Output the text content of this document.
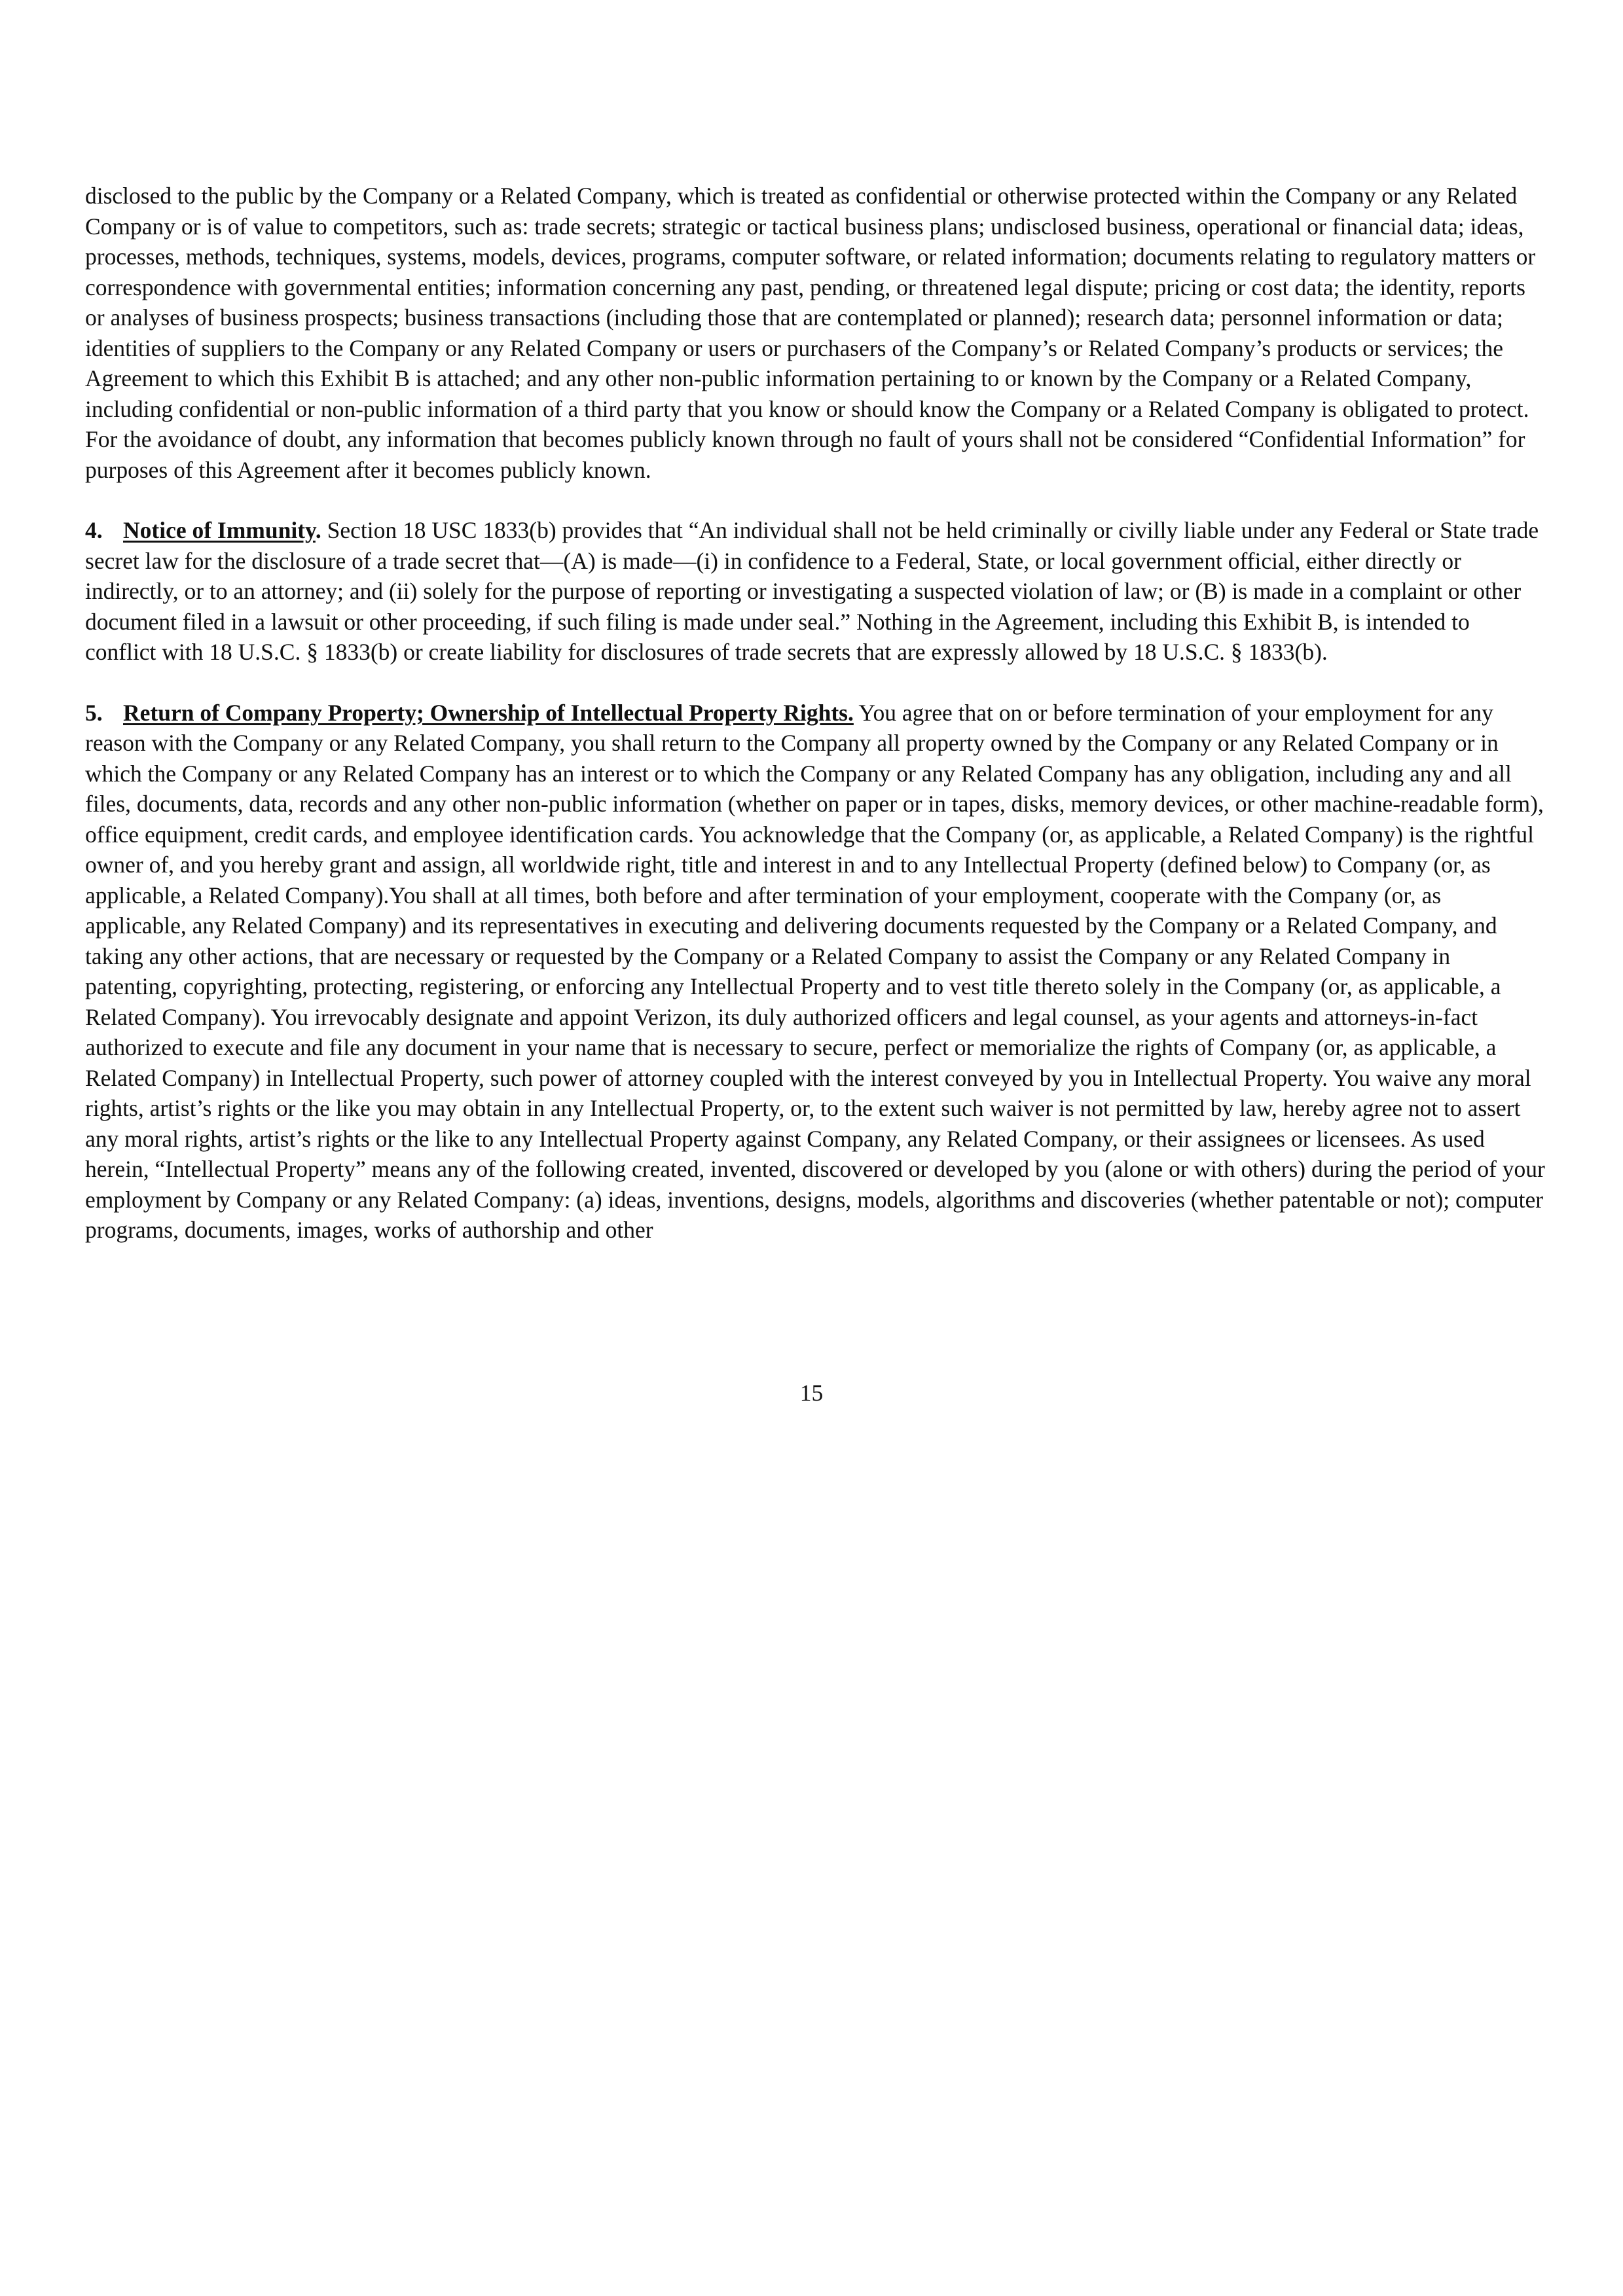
disclosed to the public by the Company or a Related Company, which is treated as confidential or otherwise protected within the Company or any Related Company or is of value to competitors, such as: trade secrets; strategic or tactical business plans; undisclosed business, operational or financial data; ideas, processes, methods, techniques, systems, models, devices, programs, computer software, or related information; documents relating to regulatory matters or correspondence with governmental entities; information concerning any past, pending, or threatened legal dispute; pricing or cost data; the identity, reports or analyses of business prospects; business transactions (including those that are contemplated or planned); research data; personnel information or data; identities of suppliers to the Company or any Related Company or users or purchasers of the Company’s or Related Company’s products or services; the Agreement to which this Exhibit B is attached; and any other non-public information pertaining to or known by the Company or a Related Company, including confidential or non-public information of a third party that you know or should know the Company or a Related Company is obligated to protect.
For the avoidance of doubt, any information that becomes publicly known through no fault of yours shall not be considered “Confidential Information” for purposes of this Agreement after it becomes publicly known.

4. Notice of Immunity. Section 18 USC 1833(b) provides that “An individual shall not be held criminally or civilly liable under any Federal or State trade secret law for the disclosure of a trade secret that—(A) is made—(i) in confidence to a Federal, State, or local government official, either directly or indirectly, or to an attorney; and (ii) solely for the purpose of reporting or investigating a suspected violation of law; or (B) is made in a complaint or other document filed in a lawsuit or other proceeding, if such filing is made under seal.” Nothing in the Agreement, including this Exhibit B, is intended to conflict with 18 U.S.C. § 1833(b) or create liability for disclosures of trade secrets that are expressly allowed by 18 U.S.C. § 1833(b).

5. Return of Company Property; Ownership of Intellectual Property Rights. You agree that on or before termination of your employment for any reason with the Company or any Related Company, you shall return to the Company all property owned by the Company or any Related Company or in which the Company or any Related Company has an interest or to which the Company or any Related Company has any obligation, including any and all files, documents, data, records and any other non-public information (whether on paper or in tapes, disks, memory devices, or other machine-readable form), office equipment, credit cards, and employee identification cards. You acknowledge that the Company (or, as applicable, a Related Company) is the rightful owner of, and you hereby grant and assign, all worldwide right, title and interest in and to any Intellectual Property (defined below) to Company (or, as applicable, a Related Company).You shall at all times, both before and after termination of your employment, cooperate with the Company (or, as applicable, any Related Company) and its representatives in executing and delivering documents requested by the Company or a Related Company, and taking any other actions, that are necessary or requested by the Company or a Related Company to assist the Company or any Related Company in patenting, copyrighting, protecting, registering, or enforcing any Intellectual Property and to vest title thereto solely in the Company (or, as applicable, a Related Company). You irrevocably designate and appoint Verizon, its duly authorized officers and legal counsel, as your agents and attorneys-in-fact authorized to execute and file any document in your name that is necessary to secure, perfect or memorialize the rights of Company (or, as applicable, a Related Company) in Intellectual Property, such power of attorney coupled with the interest conveyed by you in Intellectual Property. You waive any moral rights, artist’s rights or the like you may obtain in any Intellectual Property, or, to the extent such waiver is not permitted by law, hereby agree not to assert any moral rights, artist’s rights or the like to any Intellectual Property against Company, any Related Company, or their assignees or licensees. As used herein, “Intellectual Property” means any of the following created, invented, discovered or developed by you (alone or with others) during the period of your employment by Company or any Related Company: (a) ideas, inventions, designs, models, algorithms and discoveries (whether patentable or not); computer programs, documents, images, works of authorship and other

15
